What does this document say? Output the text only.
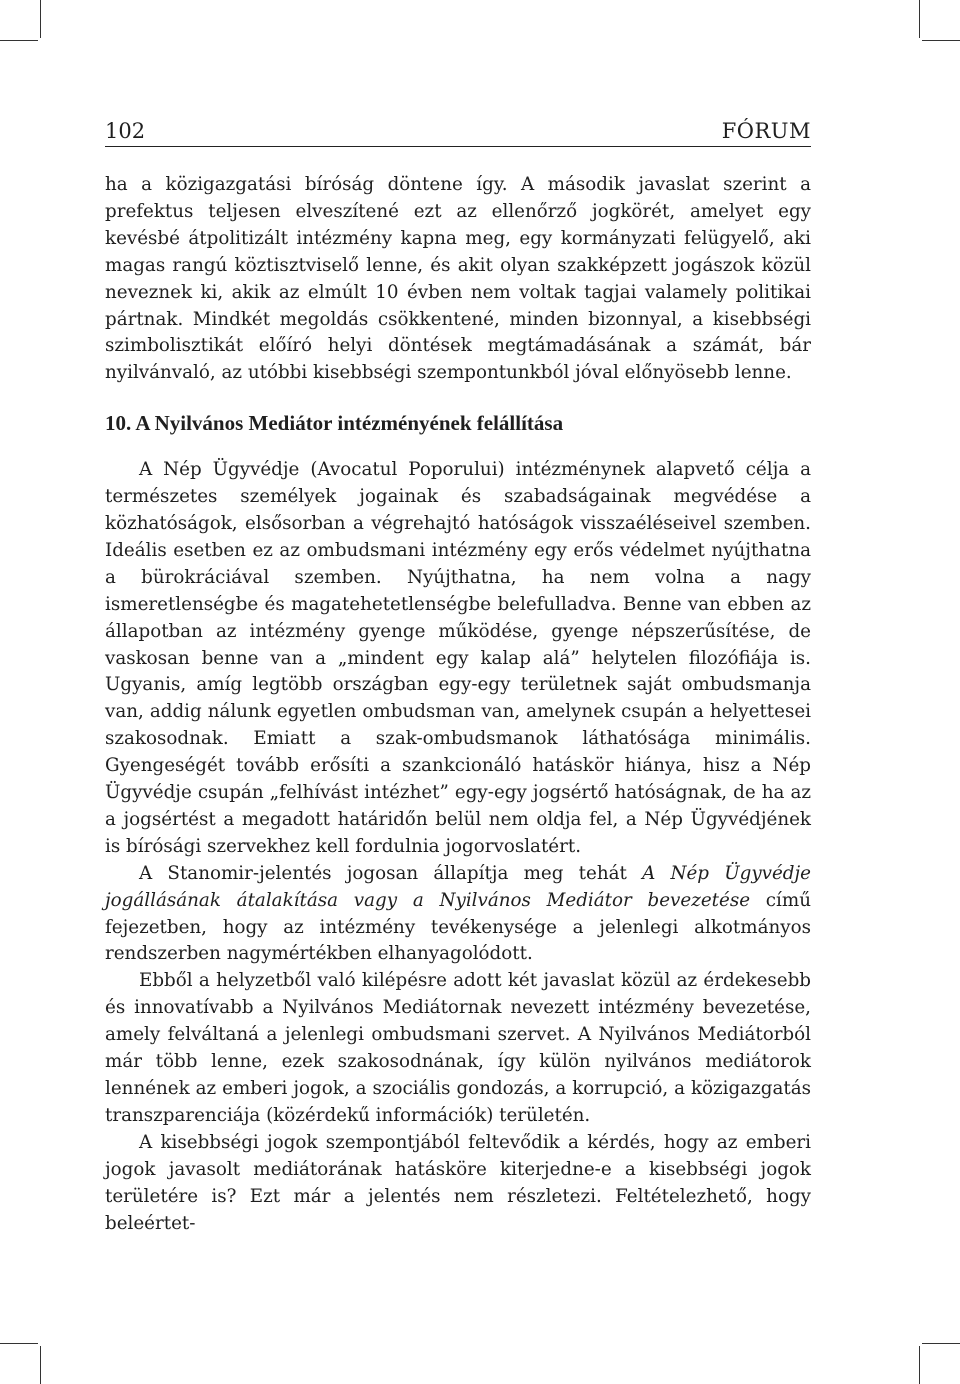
102	FÓRUM

ha a közigazgatási bíróság döntene így. A második javaslat szerint a prefektus teljesen elveszítené ezt az ellenőrző jogkörét, amelyet egy kevésbé átpolitizált intézmény kapna meg, egy kormányzati felügyelő, aki magas rangú köztisztviselő lenne, és akit olyan szakképzett jogászok közül neveznek ki, akik az elmúlt 10 évben nem voltak tagjai valamely politikai pártnak. Mindkét megoldás csökkentené, minden bizonnyal, a kisebbségi szimbolisztikát előíró helyi döntések megtámadásának a számát, bár nyilvánvaló, az utóbbi kisebbségi szempontunkból jóval előnyösebb lenne.

10. A Nyilvános Mediátor intézményének felállítása

A Nép Ügyvédje (Avocatul Poporului) intézménynek alapvető célja a természetes személyek jogainak és szabadságainak megvédése a közhatóságok, elsősorban a végrehajtó hatóságok visszaéléseivel szemben. Ideális esetben ez az ombudsmani intézmény egy erős védelmet nyújthatna a bürokráciával szemben. Nyújthatna, ha nem volna a nagy ismeretlenségbe és magatehetetlenségbe belefulladva. Benne van ebben az állapotban az intézmény gyenge működése, gyenge népszerűsítése, de vaskosan benne van a „mindent egy kalap alá” helytelen filozófiája is. Ugyanis, amíg legtöbb országban egy-egy területnek saját ombudsmanja van, addig nálunk egyetlen ombudsman van, amelynek csupán a helyettesei szakosodnak. Emiatt a szak-ombudsmanok láthatósága minimális. Gyengeségét tovább erősíti a szankcionáló hatáskör hiánya, hisz a Nép Ügyvédje csupán „felhívást intézhet” egy-egy jogsértő hatóságnak, de ha az a jogsértést a megadott határidőn belül nem oldja fel, a Nép Ügyvédjének is bírósági szervekhez kell fordulnia jogorvoslatért.

A Stanomir-jelentés jogosan állapítja meg tehát A Nép Ügyvédje jogállásának átalakítása vagy a Nyilvános Mediátor bevezetése című fejezetben, hogy az intézmény tevékenysége a jelenlegi alkotmányos rendszerben nagymértékben elhanyagolódott.

Ebből a helyzetből való kilépésre adott két javaslat közül az érdekesebb és innovatívabb a Nyilvános Mediátornak nevezett intézmény bevezetése, amely felváltaná a jelenlegi ombudsmani szervet. A Nyilvános Mediátorból már több lenne, ezek szakosodnának, így külön nyilvános mediátorok lennének az emberi jogok, a szociális gondozás, a korrupció, a közigazgatás transzparenciája (közérdekű információk) területén.

A kisebbségi jogok szempontjából feltevődik a kérdés, hogy az emberi jogok javasolt mediátorának hatásköre kiterjedne-e a kisebbségi jogok területére is? Ezt már a jelentés nem részletezi. Feltételezhető, hogy beleértet-
